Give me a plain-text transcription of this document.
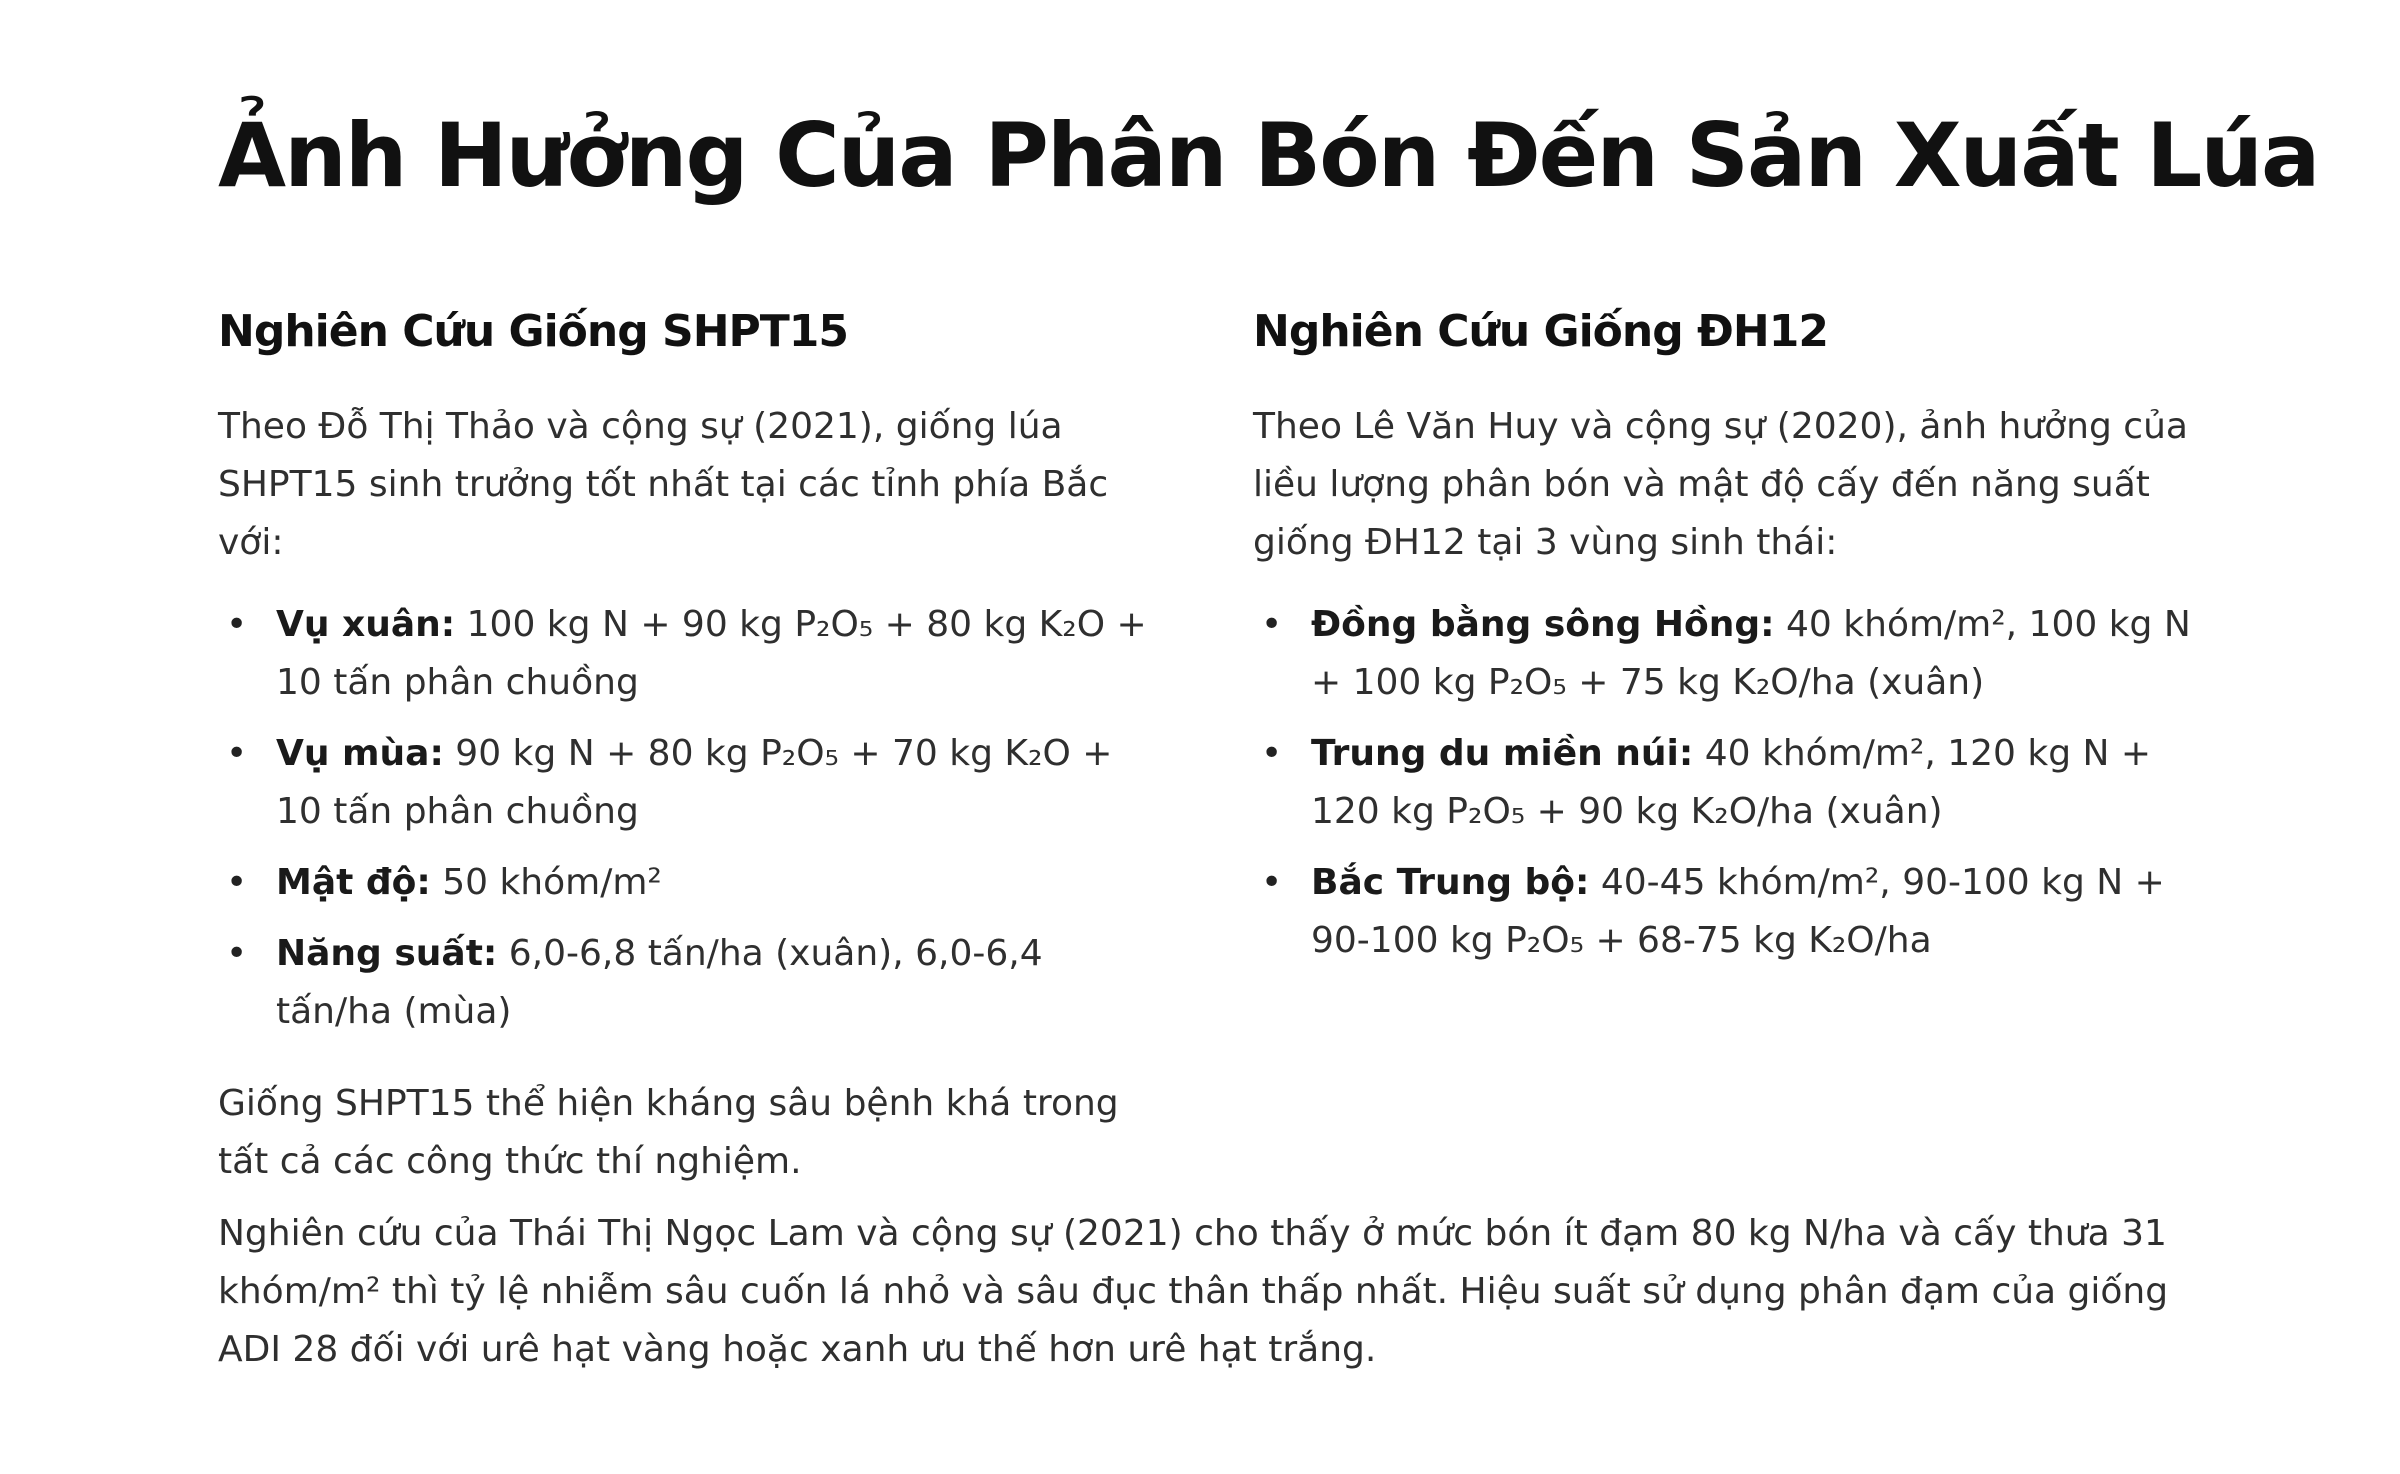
Ảnh Hưởng Của Phân Bón Đến Sản Xuất Lúa
Nghiên Cứu Giống SHPT15

Theo Đỗ Thị Thảo và cộng sự (2021), giống lúa SHPT15 sinh trưởng tốt nhất tại các tỉnh phía Bắc với:

• Vụ xuân: 100 kg N + 90 kg P₂O₅ + 80 kg K₂O + 10 tấn phân chuồng
• Vụ mùa: 90 kg N + 80 kg P₂O₅ + 70 kg K₂O + 10 tấn phân chuồng
• Mật độ: 50 khóm/m²
• Năng suất: 6,0-6,8 tấn/ha (xuân), 6,0-6,4 tấn/ha (mùa)

Giống SHPT15 thể hiện kháng sâu bệnh khá trong tất cả các công thức thí nghiệm.

Nghiên Cứu Giống ĐH12

Theo Lê Văn Huy và cộng sự (2020), ảnh hưởng của liều lượng phân bón và mật độ cấy đến năng suất giống ĐH12 tại 3 vùng sinh thái:

• Đồng bằng sông Hồng: 40 khóm/m², 100 kg N + 100 kg P₂O₅ + 75 kg K₂O/ha (xuân)
• Trung du miền núi: 40 khóm/m², 120 kg N + 120 kg P₂O₅ + 90 kg K₂O/ha (xuân)
• Bắc Trung bộ: 40-45 khóm/m², 90-100 kg N + 90-100 kg P₂O₅ + 68-75 kg K₂O/ha

Nghiên cứu của Thái Thị Ngọc Lam và cộng sự (2021) cho thấy ở mức bón ít đạm 80 kg N/ha và cấy thưa 31 khóm/m² thì tỷ lệ nhiễm sâu cuốn lá nhỏ và sâu đục thân thấp nhất. Hiệu suất sử dụng phân đạm của giống ADI 28 đối với urê hạt vàng hoặc xanh ưu thế hơn urê hạt trắng.
